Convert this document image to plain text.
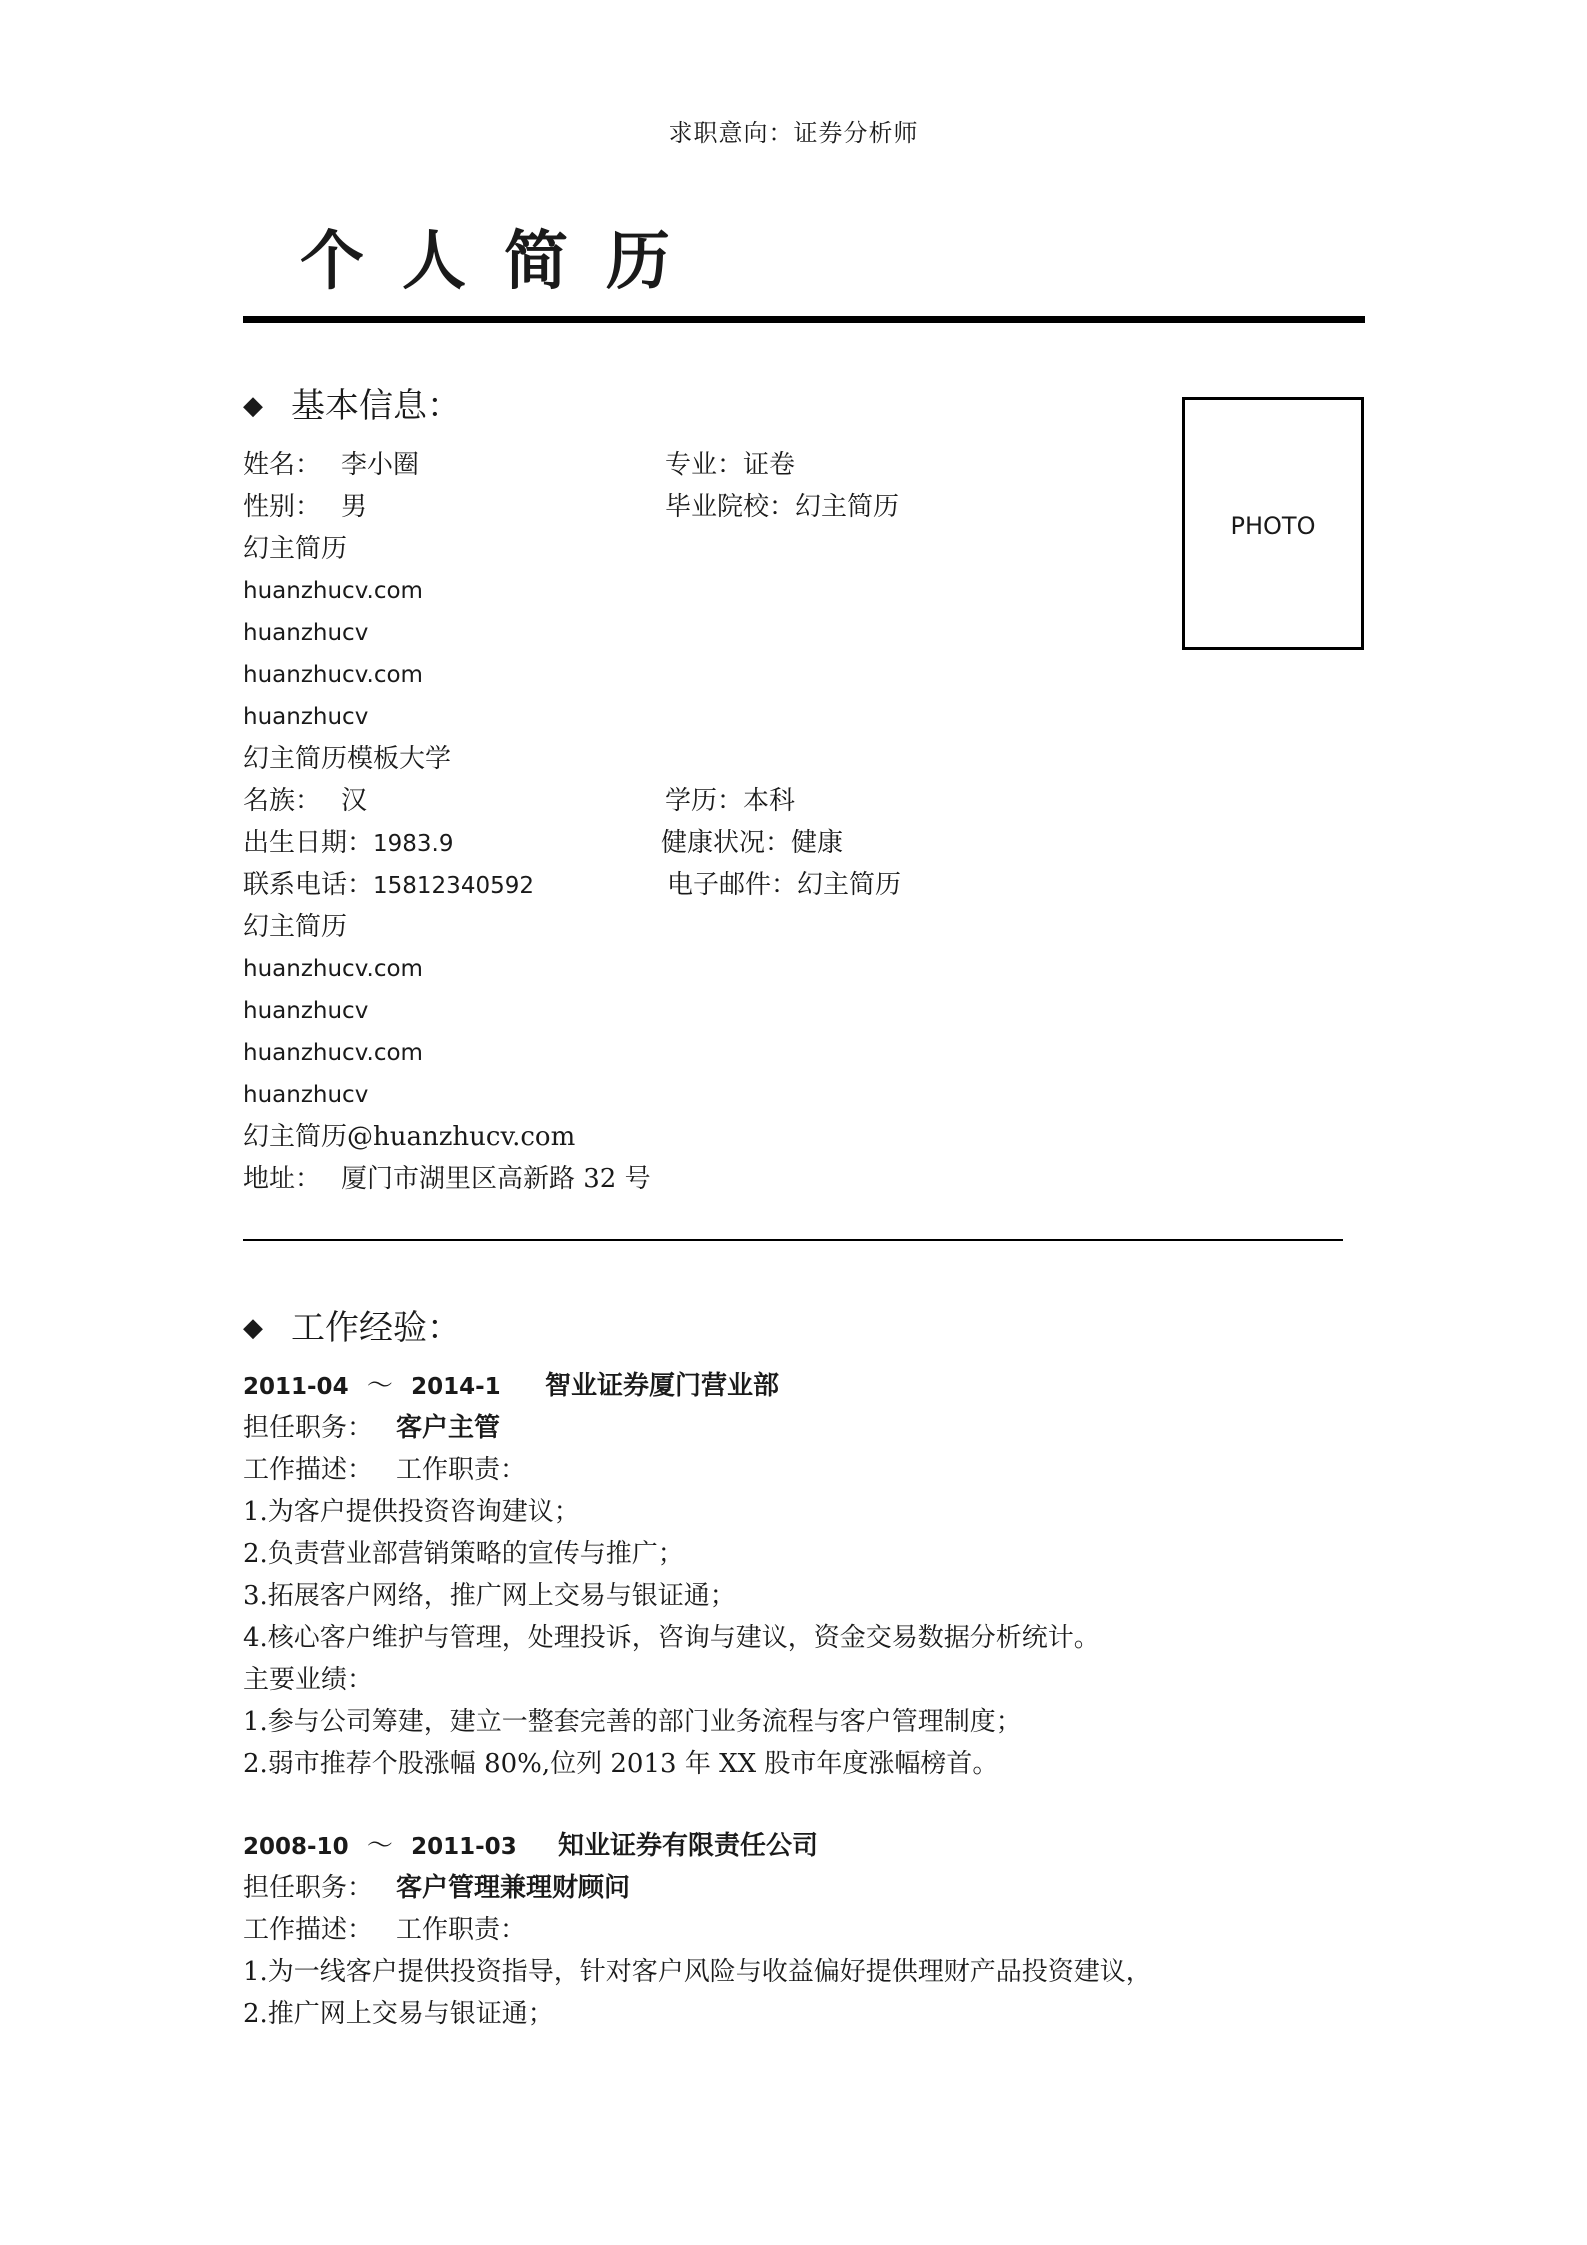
求职意向：证券分析师
个人简历
PHOTO
◆ 基本信息：
姓名： 李小圈	专业：证卷
性别： 男	毕业院校：幻主简历
幻主简历
huanzhucv.com
huanzhucv
huanzhucv.com
huanzhucv
幻主简历模板大学
名族： 汉	学历：本科
出生日期：1983.9	健康状况：健康
联系电话：15812340592	电子邮件：幻主简历
幻主简历
huanzhucv.com
huanzhucv
huanzhucv.com
huanzhucv
幻主简历@huanzhucv.com
地址： 厦门市湖里区高新路 32 号
◆ 工作经验：
2011-04 ～ 2014-1 智业证券厦门营业部
担任职务： 客户主管
工作描述： 工作职责：
1.为客户提供投资咨询建议；
2.负责营业部营销策略的宣传与推广；
3.拓展客户网络，推广网上交易与银证通；
4.核心客户维护与管理，处理投诉，咨询与建议，资金交易数据分析统计。
主要业绩：
1.参与公司筹建，建立一整套完善的部门业务流程与客户管理制度；
2.弱市推荐个股涨幅 80%,位列 2013 年 XX 股市年度涨幅榜首。
2008-10 ～ 2011-03 知业证券有限责任公司
担任职务： 客户管理兼理财顾问
工作描述： 工作职责：
1.为一线客户提供投资指导，针对客户风险与收益偏好提供理财产品投资建议，
2.推广网上交易与银证通；
